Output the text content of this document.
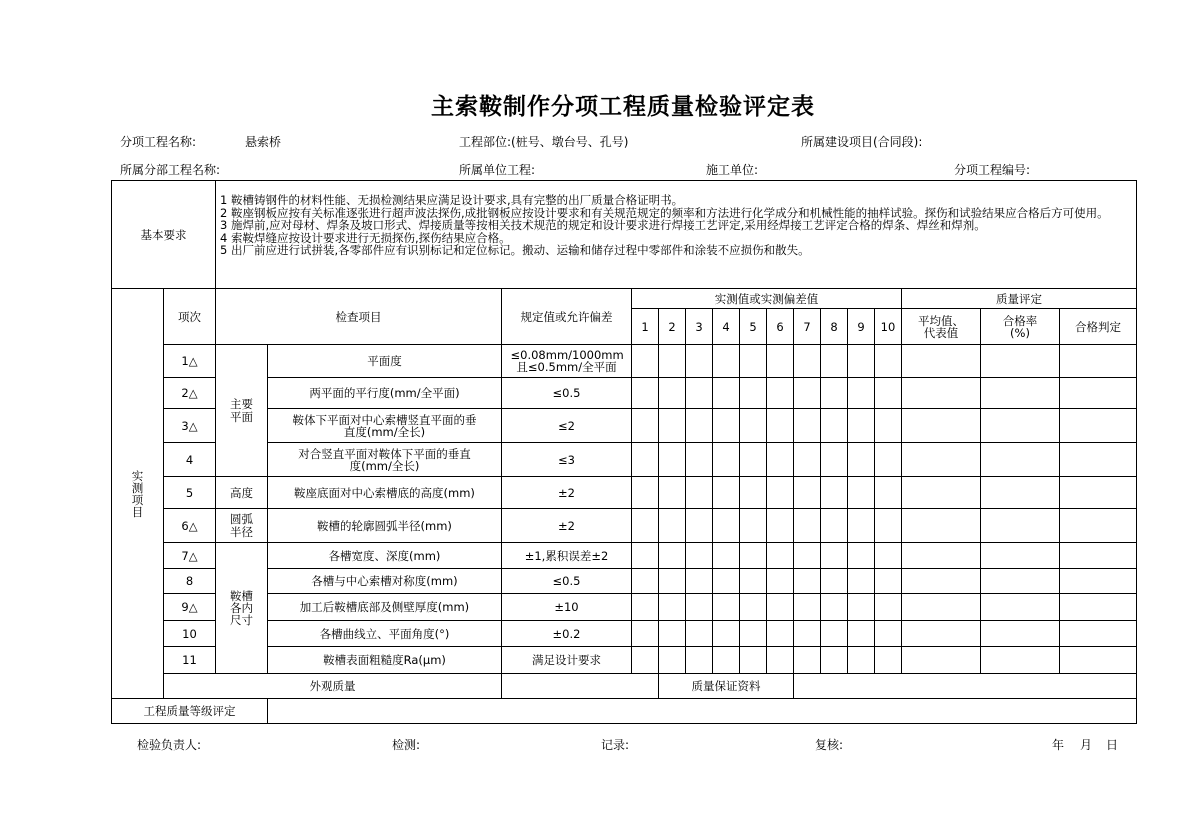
主索鞍制作分项工程质量检验评定表
分项工程名称:	悬索桥	工程部位:(桩号、墩台号、孔号)	所属建设项目(合同段):
所属分部工程名称:	所属单位工程:	施工单位:	分项工程编号:
基本要求		1 鞍槽铸钢件的材料性能、无损检测结果应满足设计要求,具有完整的出厂质量合格证明书。

2 鞍座钢板应按有关标准逐张进行超声波法探伤,成批钢板应按设计要求和有关规范规定的频率和方法进行化学成分和机械性能的抽样试验。探伤和试验结果应合格后方可使用。

3 施焊前,应对母材、焊条及坡口形式、焊接质量等按相关技术规范的规定和设计要求进行焊接工艺评定,采用经焊接工艺评定合格的焊条、焊丝和焊剂。

4 索鞍焊缝应按设计要求进行无损探伤,探伤结果应合格。

5 出厂前应进行试拼装,各零部件应有识别标记和定位标记。搬动、运输和储存过程中零部件和涂装不应损伤和散失。															

实测项目	项次	检查项目		规定值或允许偏差	实测值或实测偏差值										质量评定		
					1	2	3	4	5	6	7	8	9	10	平均值、代表值	合格率(%)	合格判定
	1△	主要平面	平面度	≤0.08mm/1000mm且≤0.5mm/全平面													
	2△		两平面的平行度(mm/全平面)	≤0.5													
	3△		鞍体下平面对中心索槽竖直平面的垂直度(mm/全长)	≤2													
	4		对合竖直平面对鞍体下平面的垂直度(mm/全长)	≤3													
	5	高度	鞍座底面对中心索槽底的高度(mm)	±2													
	6△	圆弧半径	鞍槽的轮廓圆弧半径(mm)	±2													
	7△	鞍槽各内尺寸	各槽宽度、深度(mm)	±1,累积误差±2													
	8		各槽与中心索槽对称度(mm)	≤0.5													
	9△		加工后鞍槽底部及侧壁厚度(mm)	±10													
	10		各槽曲线立、平面角度(°)	±0.2													
	11		鞍槽表面粗糙度Ra(μm)	满足设计要求													
	外观质量					质量保证资料											
工程质量等级评定																	
检验负责人:	检测:	记录:	复核:	年 月 日
